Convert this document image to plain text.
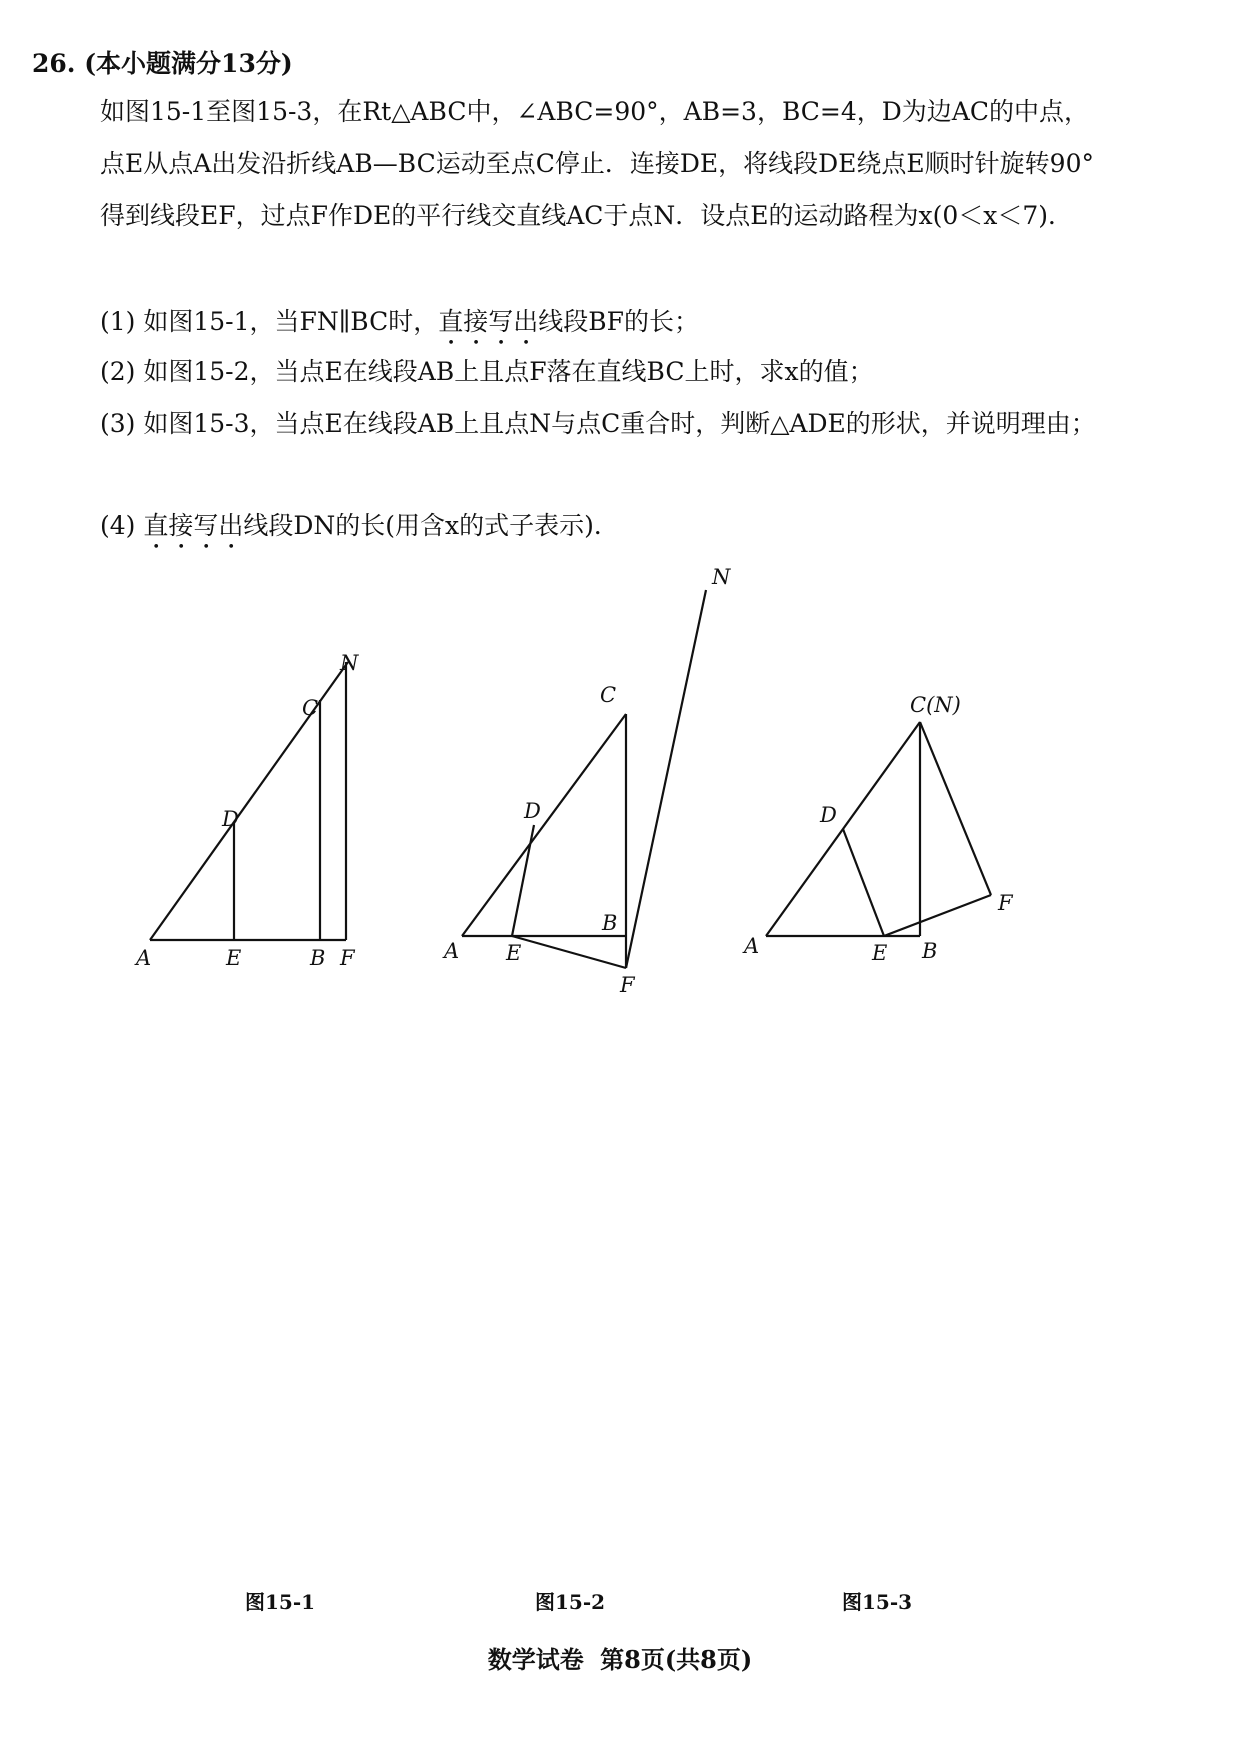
26. (本小题满分13分)
如图15-1至图15-3，在Rt△ABC中，∠ABC=90°，AB=3，BC=4，D为边AC的中点，点E从点A出发沿折线AB—BC运动至点C停止．连接DE，将线段DE绕点E顺时针旋转90°得到线段EF，过点F作DE的平行线交直线AC于点N．设点E的运动路程为x(0＜x＜7)．
(1) 如图15-1，当FN∥BC时，直接写出线段BF的长；
(2) 如图15-2，当点E在线段AB上且点F落在直线BC上时，求x的值；
(3) 如图15-3，当点E在线段AB上且点N与点C重合时，判断△ADE的形状，并说明理由；
(4) 直接写出线段DN的长(用含x的式子表示)．
A	E	B F
D
C
N
图15-1
A E
B
F
D
C
N
图15-2
A	E B
F
D
C(N)
图15-3
数学试卷 第8页(共8页)
